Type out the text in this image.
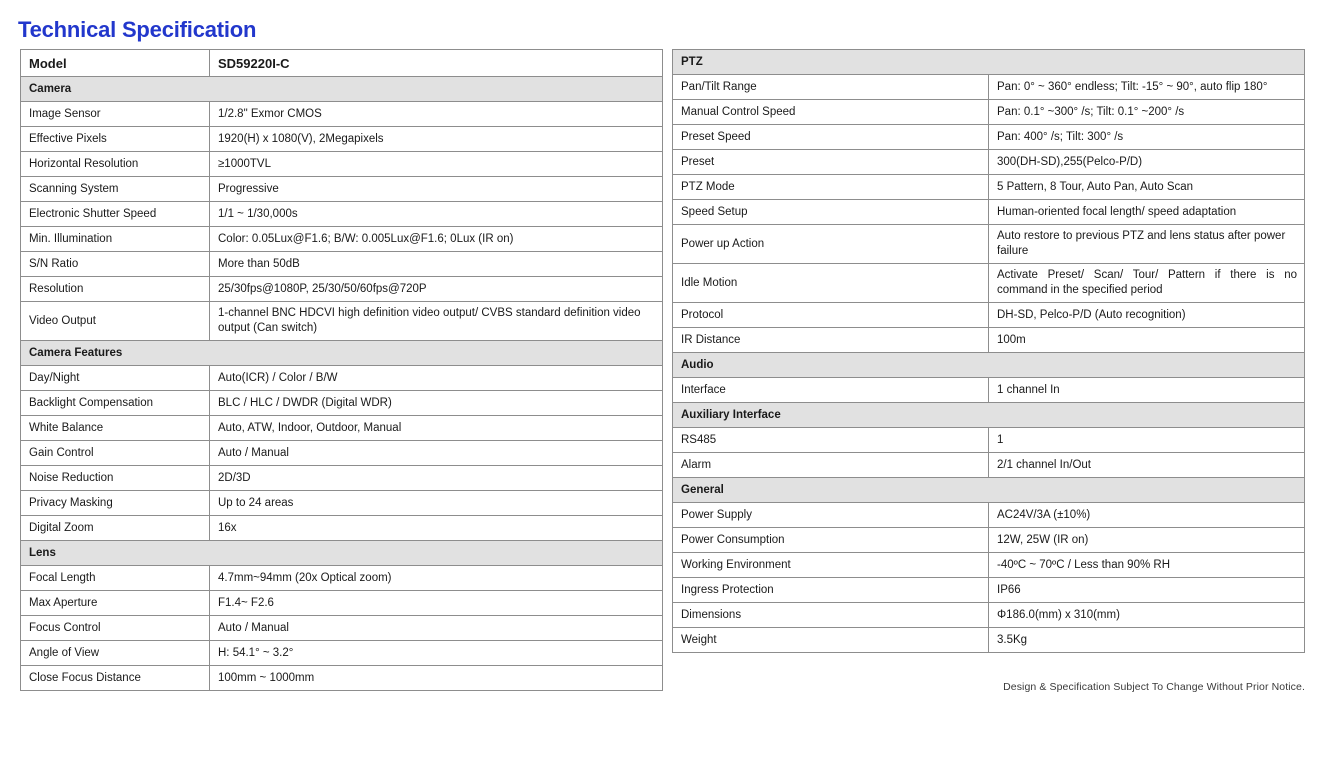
Technical Specification
Model	SD59220I-C
Camera	
Image Sensor	1/2.8" Exmor CMOS
Effective Pixels	1920(H) x 1080(V), 2Megapixels
Horizontal Resolution	≥1000TVL
Scanning System	Progressive
Electronic Shutter Speed	1/1 ~ 1/30,000s
Min. Illumination	Color: 0.05Lux@F1.6; B/W: 0.005Lux@F1.6; 0Lux (IR on)
S/N Ratio	More than 50dB
Resolution	25/30fps@1080P, 25/30/50/60fps@720P
Video Output	1-channel BNC HDCVI high definition video output/ CVBS standard definition video output (Can switch)
Camera Features	
Day/Night	Auto(ICR) / Color / B/W
Backlight Compensation	BLC / HLC / DWDR (Digital WDR)
White Balance	Auto, ATW, Indoor, Outdoor, Manual
Gain Control	Auto / Manual
Noise Reduction	2D/3D
Privacy Masking	Up to 24 areas
Digital Zoom	16x
Lens	
Focal Length	4.7mm~94mm (20x Optical zoom)
Max Aperture	F1.4~ F2.6
Focus Control	Auto / Manual
Angle of View	H: 54.1° ~ 3.2°
Close Focus Distance	100mm ~ 1000mm
PTZ	
Pan/Tilt Range	Pan: 0° ~ 360° endless; Tilt: -15° ~ 90°, auto flip 180°
Manual Control Speed	Pan: 0.1° ~300° /s; Tilt: 0.1° ~200° /s
Preset Speed	Pan: 400° /s; Tilt: 300° /s
Preset	300(DH-SD),255(Pelco-P/D)
PTZ Mode	5 Pattern, 8 Tour, Auto Pan, Auto Scan
Speed Setup	Human-oriented focal length/ speed adaptation
Power up Action	Auto restore to previous PTZ and lens status after power failure
Idle Motion	Activate Preset/ Scan/ Tour/ Pattern if there is no command in the specified period
Protocol	DH-SD, Pelco-P/D (Auto recognition)
IR Distance	100m
Audio	
Interface	1 channel In
Auxiliary Interface	
RS485	1
Alarm	2/1 channel In/Out
General	
Power Supply	AC24V/3A (±10%)
Power Consumption	12W, 25W (IR on)
Working Environment	-40ºC ~ 70ºC / Less than 90% RH
Ingress Protection	IP66
Dimensions	Φ186.0(mm) x 310(mm)
Weight	3.5Kg
Design & Specification Subject To Change Without Prior Notice.
